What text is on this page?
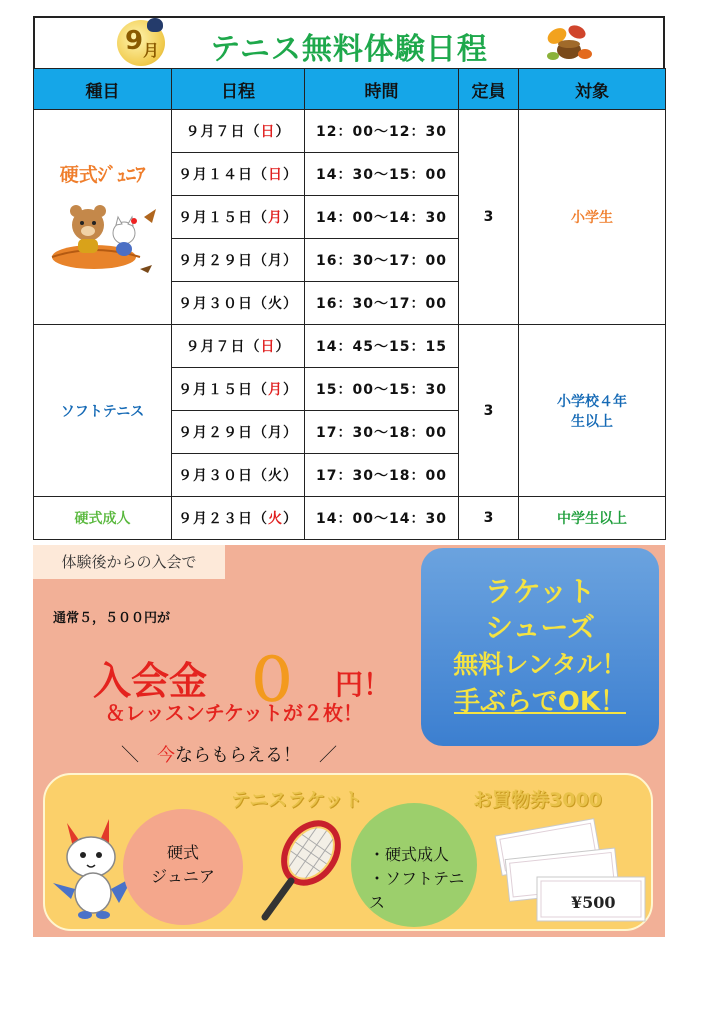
9 月	テニス無料体験日程
種目	日程	時間	定員	対象

硬式ｼﾞｭﾆｱ	９月７日（日）	12：00～12：30	3	小学生
	９月１４日（日）	14：30～15：00		
	９月１５日（月）	14：00～14：30		
	９月２９日（月）	16：30～17：00		
	９月３０日（火）	16：30～17：00		
ソフトテニス	９月７日（日）	14：45～15：15	3	小学校４年
生以上

	９月１５日（月）	15：00～15：30		
	９月２９日（月）	17：30～18：00		
	９月３０日（火）	17：30～18：00		
硬式成人	９月２３日（火）	14：00～14：30	3	中学生以上
体験後からの入会で
通常５，５００円が
入会金 ０ 円！
＆レッスンチケットが２枚！
＼　 今ならもらえる！　 ／
ラケット
シューズ
無料レンタル！
手ぶらでOK！
テニスラケット	お買物券3000
硬式
ジュニア
・硬式成人
・ソフトテニス	¥500
